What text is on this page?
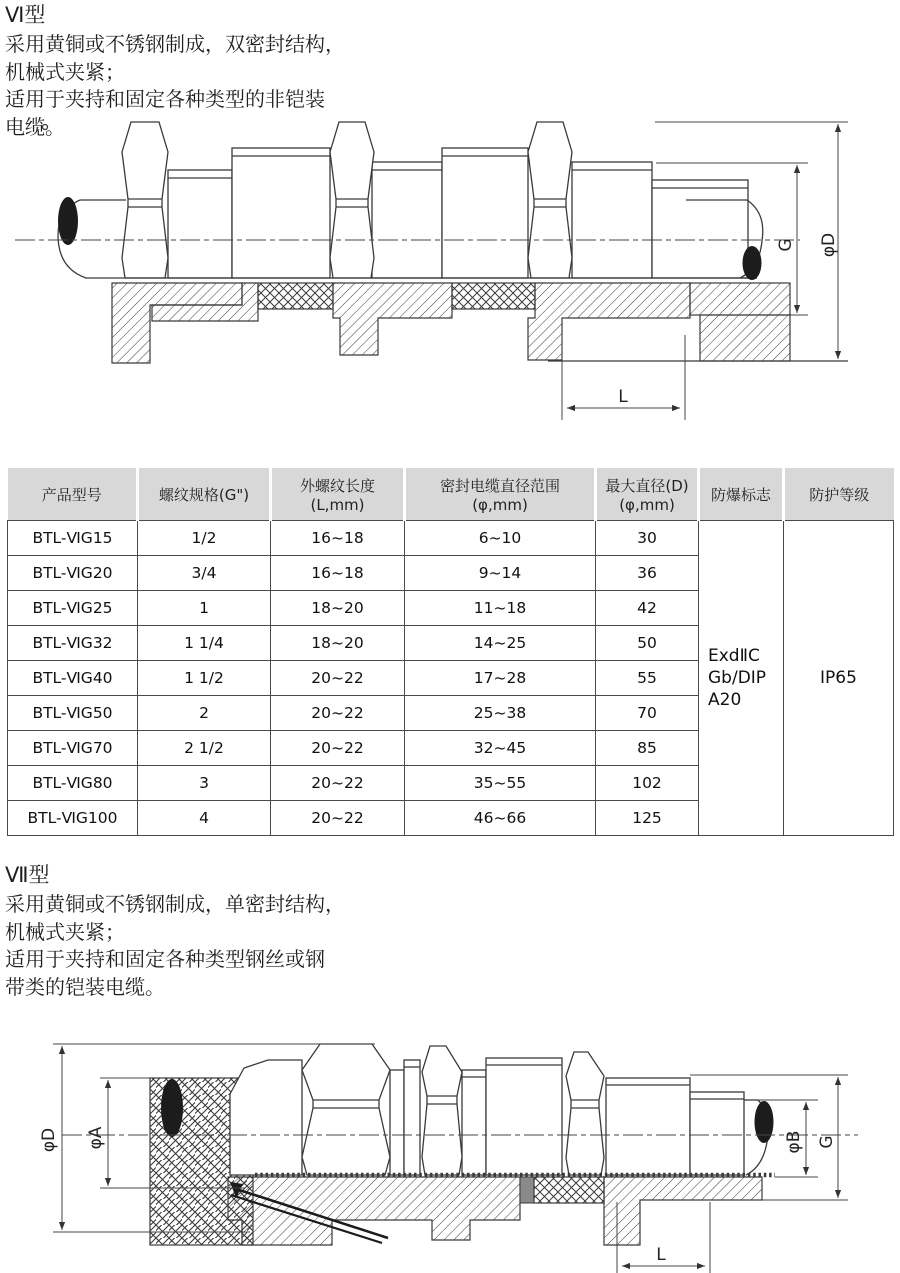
Ⅵ型
采用黄铜或不锈钢制成，双密封结构，
机械式夹紧；
适用于夹持和固定各种类型的非铠装
电缆。
G φD
L
产品型号	螺纹规格(G")	外螺纹长度
(L,mm)	密封电缆直径范围
(φ,mm)	最大直径(D)
(φ,mm)	防爆标志	防护等级

BTL-ⅥG15	1/2	16~18	6~10	30	ExdⅡC
Gb/DIP
A20	IP65
BTL-ⅥG20	3/4	16~18	9~14	36		
BTL-ⅥG25	1	18~20	11~18	42		
BTL-ⅥG32	1 1/4	18~20	14~25	50		
BTL-ⅥG40	1 1/2	20~22	17~28	55		
BTL-ⅥG50	2	20~22	25~38	70		
BTL-ⅥG70	2 1/2	20~22	32~45	85		
BTL-ⅥG80	3	20~22	35~55	102		
BTL-ⅥG100	4	20~22	46~66	125		
Ⅶ型
采用黄铜或不锈钢制成，单密封结构，
机械式夹紧；
适用于夹持和固定各种类型钢丝或钢
带类的铠装电缆。
φD φA	φB G
L
